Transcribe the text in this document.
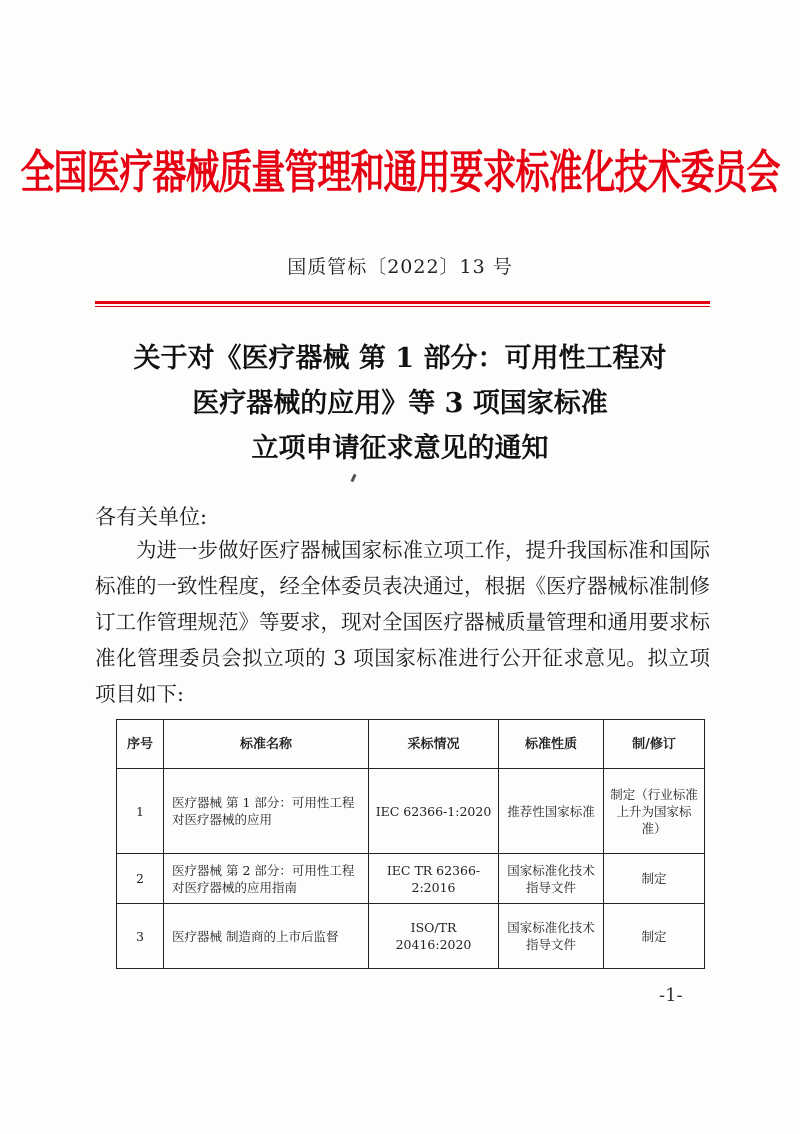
全国医疗器械质量管理和通用要求标准化技术委员会
国质管标〔2022〕13 号
关于对《医疗器械 第 1 部分：可用性工程对
医疗器械的应用》等 3 项国家标准
立项申请征求意见的通知
各有关单位:
为进一步做好医疗器械国家标准立项工作，提升我国标准和国际标准的一致性程度，经全体委员表决通过，根据《医疗器械标准制修订工作管理规范》等要求，现对全国医疗器械质量管理和通用要求标准化管理委员会拟立项的 3 项国家标准进行公开征求意见。拟立项项目如下:
序号	标准名称	采标情况	标准性质	制/修订
1	医疗器械 第 1 部分：可用性工程对医疗器械的应用	IEC 62366-1:2020	推荐性国家标准	制定（行业标准上升为国家标准）
2	医疗器械 第 2 部分：可用性工程对医疗器械的应用指南	IEC TR 62366-2:2016	国家标准化技术指导文件	制定
3	医疗器械 制造商的上市后监督	ISO/TR 20416:2020	国家标准化技术指导文件	制定
-1-
